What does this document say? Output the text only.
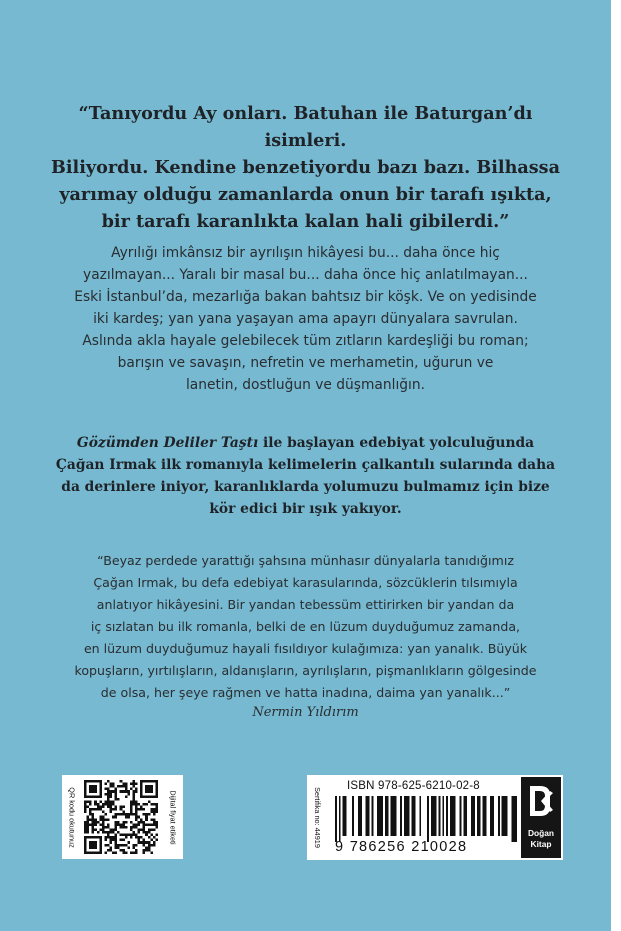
“Tanıyordu Ay onları. Batuhan ile Baturgan’dı isimleri.
Biliyordu. Kendine benzetiyordu bazı bazı. Bilhassa
yarımay olduğu zamanlarda onun bir tarafı ışıkta,
bir tarafı karanlıkta kalan hali gibilerdi.”

Ayrılığı imkânsız bir ayrılışın hikâyesi bu... daha önce hiç
yazılmayan... Yaralı bir masal bu... daha önce hiç anlatılmayan...
Eski İstanbul’da, mezarlığa bakan bahtsız bir köşk. Ve on yedisinde
iki kardeş; yan yana yaşayan ama apayrı dünyalara savrulan.
Aslında akla hayale gelebilecek tüm zıtların kardeşliği bu roman;
barışın ve savaşın, nefretin ve merhametin, uğurun ve
lanetin, dostluğun ve düşmanlığın.

Gözümden Deliler Taştı ile başlayan edebiyat yolculuğunda
Çağan Irmak ilk romanıyla kelimelerin çalkantılı sularında daha
da derinlere iniyor, karanlıklarda yolumuzu bulmamız için bize
kör edici bir ışık yakıyor.

“Beyaz perdede yarattığı şahsına münhasır dünyalarla tanıdığımız
Çağan Irmak, bu defa edebiyat karasularında, sözcüklerin tılsımıyla
anlatıyor hikâyesini. Bir yandan tebessüm ettirirken bir yandan da
iç sızlatan bu ilk romanla, belki de en lüzum duyduğumuz zamanda,
en lüzum duyduğumuz hayali fısıldıyor kulağımıza: yan yanalık. Büyük
kopuşların, yırtılışların, aldanışların, ayrılışların, pişmanlıkların gölgesinde
de olsa, her şeye rağmen ve hatta inadına, daima yan yanalık...”

Nermin Yıldırım

QR kodu okutunuz	Dijital fiyat etiketi	Sertifika no: 44919
ISBN 978-625-6210-02-8
9 786256 210028
Doğan
Kitap
